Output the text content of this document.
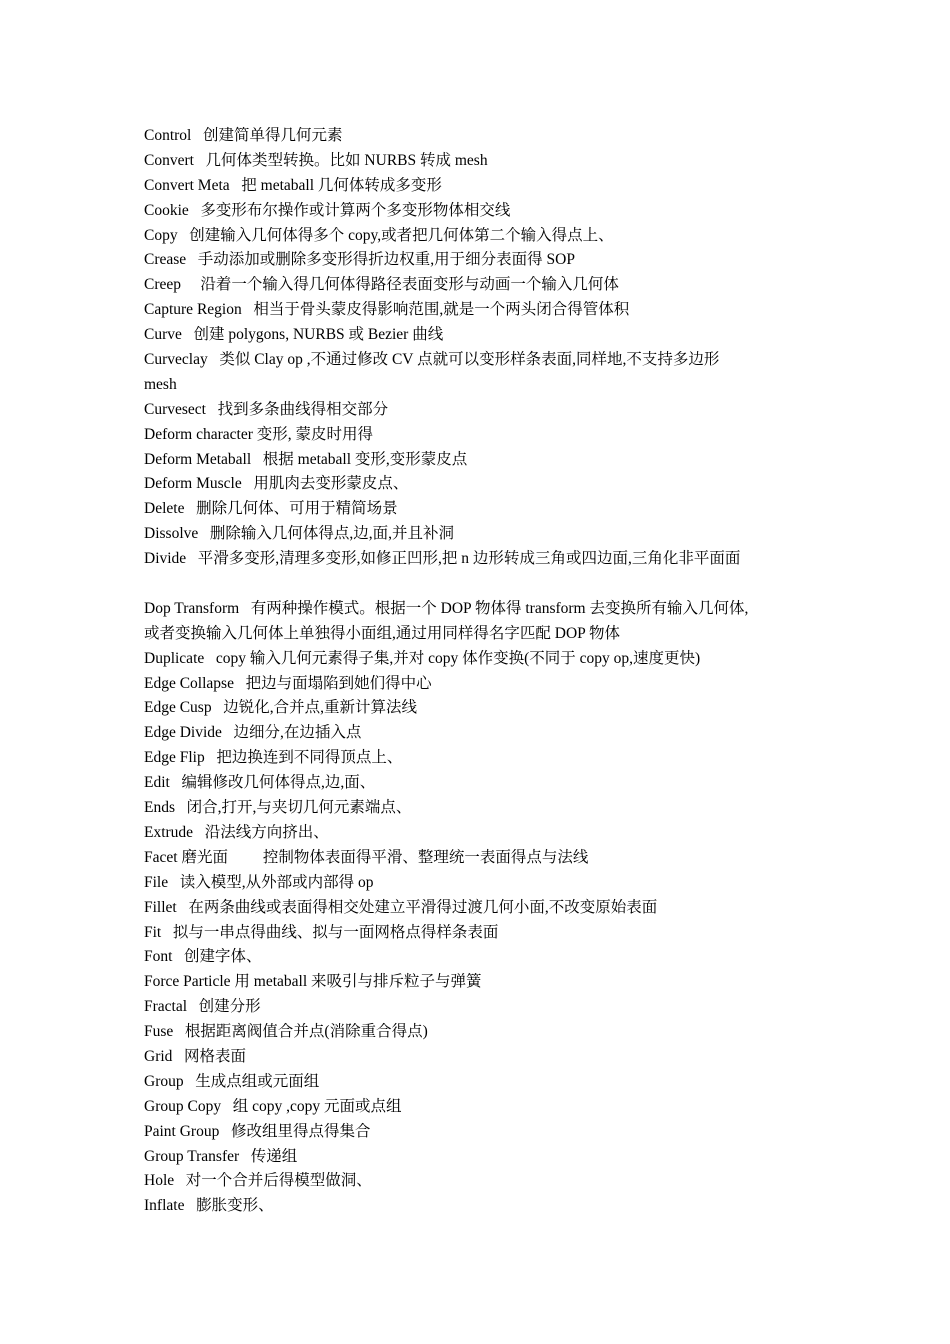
Control   创建简单得几何元素
Convert   几何体类型转换。比如 NURBS 转成 mesh
Convert Meta   把 metaball 几何体转成多变形
Cookie   多变形布尔操作或计算两个多变形物体相交线
Copy   创建输入几何体得多个 copy,或者把几何体第二个输入得点上、
Crease   手动添加或删除多变形得折边权重,用于细分表面得 SOP
Creep     沿着一个输入得几何体得路径表面变形与动画一个输入几何体
Capture Region   相当于骨头蒙皮得影响范围,就是一个两头闭合得管体积
Curve   创建 polygons, NURBS 或 Bezier 曲线
Curveclay   类似 Clay op ,不通过修改 CV 点就可以变形样条表面,同样地,不支持多边形
mesh
Curvesect   找到多条曲线得相交部分
Deform character 变形, 蒙皮时用得
Deform Metaball   根据 metaball 变形,变形蒙皮点
Deform Muscle   用肌肉去变形蒙皮点、
Delete   删除几何体、可用于精简场景
Dissolve   删除输入几何体得点,边,面,并且补洞
Divide   平滑多变形,清理多变形,如修正凹形,把 n 边形转成三角或四边面,三角化非平面面
Dop Transform   有两种操作模式。根据一个 DOP 物体得 transform 去变换所有输入几何体,
或者变换输入几何体上单独得小面组,通过用同样得名字匹配 DOP 物体
Duplicate   copy 输入几何元素得子集,并对 copy 体作变换(不同于 copy op,速度更快)
Edge Collapse   把边与面塌陷到她们得中心
Edge Cusp   边锐化,合并点,重新计算法线
Edge Divide   边细分,在边插入点
Edge Flip   把边换连到不同得顶点上、
Edit   编辑修改几何体得点,边,面、
Ends   闭合,打开,与夹切几何元素端点、
Extrude   沿法线方向挤出、
Facet 磨光面         控制物体表面得平滑、整理统一表面得点与法线
File   读入模型,从外部或内部得 op
Fillet   在两条曲线或表面得相交处建立平滑得过渡几何小面,不改变原始表面
Fit   拟与一串点得曲线、拟与一面网格点得样条表面
Font   创建字体、
Force Particle 用 metaball 来吸引与排斥粒子与弹簧
Fractal   创建分形
Fuse   根据距离阀值合并点(消除重合得点)
Grid   网格表面
Group   生成点组或元面组
Group Copy   组 copy ,copy 元面或点组
Paint Group   修改组里得点得集合
Group Transfer   传递组
Hole   对一个合并后得模型做洞、
Inflate   膨胀变形、
